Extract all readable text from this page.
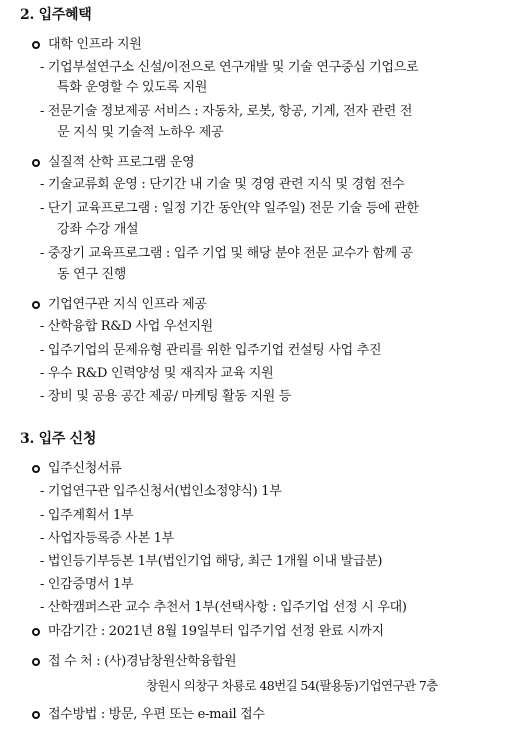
2. 입주혜택
대학 인프라 지원
- 기업부설연구소 신설/이전으로 연구개발 및 기술 연구중심 기업으로
특화 운영할 수 있도록 지원
- 전문기술 정보제공 서비스 : 자동차, 로봇, 항공, 기계, 전자 관련 전
문 지식 및 기술적 노하우 제공
실질적 산학 프로그램 운영
- 기술교류회 운영 : 단기간 내 기술 및 경영 관련 지식 및 경험 전수
- 단기 교육프로그램 : 일정 기간 동안(약 일주일) 전문 기술 등에 관한
강좌 수강 개설
- 중장기 교육프로그램 : 입주 기업 및 해당 분야 전문 교수가 함께 공
동 연구 진행
기업연구관 지식 인프라 제공
- 산학융합 R&D 사업 우선지원
- 입주기업의 문제유형 관리를 위한 입주기업 컨설팅 사업 추진
- 우수 R&D 인력양성 및 재직자 교육 지원
- 장비 및 공용 공간 제공/ 마케팅 활동 지원 등
3. 입주 신청
입주신청서류
- 기업연구관 입주신청서(법인소정양식) 1부
- 입주계획서 1부
- 사업자등록증 사본 1부
- 법인등기부등본 1부(법인기업 해당, 최근 1개월 이내 발급분)
- 인감증명서 1부
- 산학캠퍼스관 교수 추천서 1부(선택사항 : 입주기업 선정 시 우대)
마감기간 : 2021년 8월 19일부터 입주기업 선정 완료 시까지
접 수 처 : (사)경남창원산학융합원
창원시 의창구 차룡로 48번길 54(팔용동)기업연구관 7층
접수방법 : 방문, 우편 또는 e-mail 접수
